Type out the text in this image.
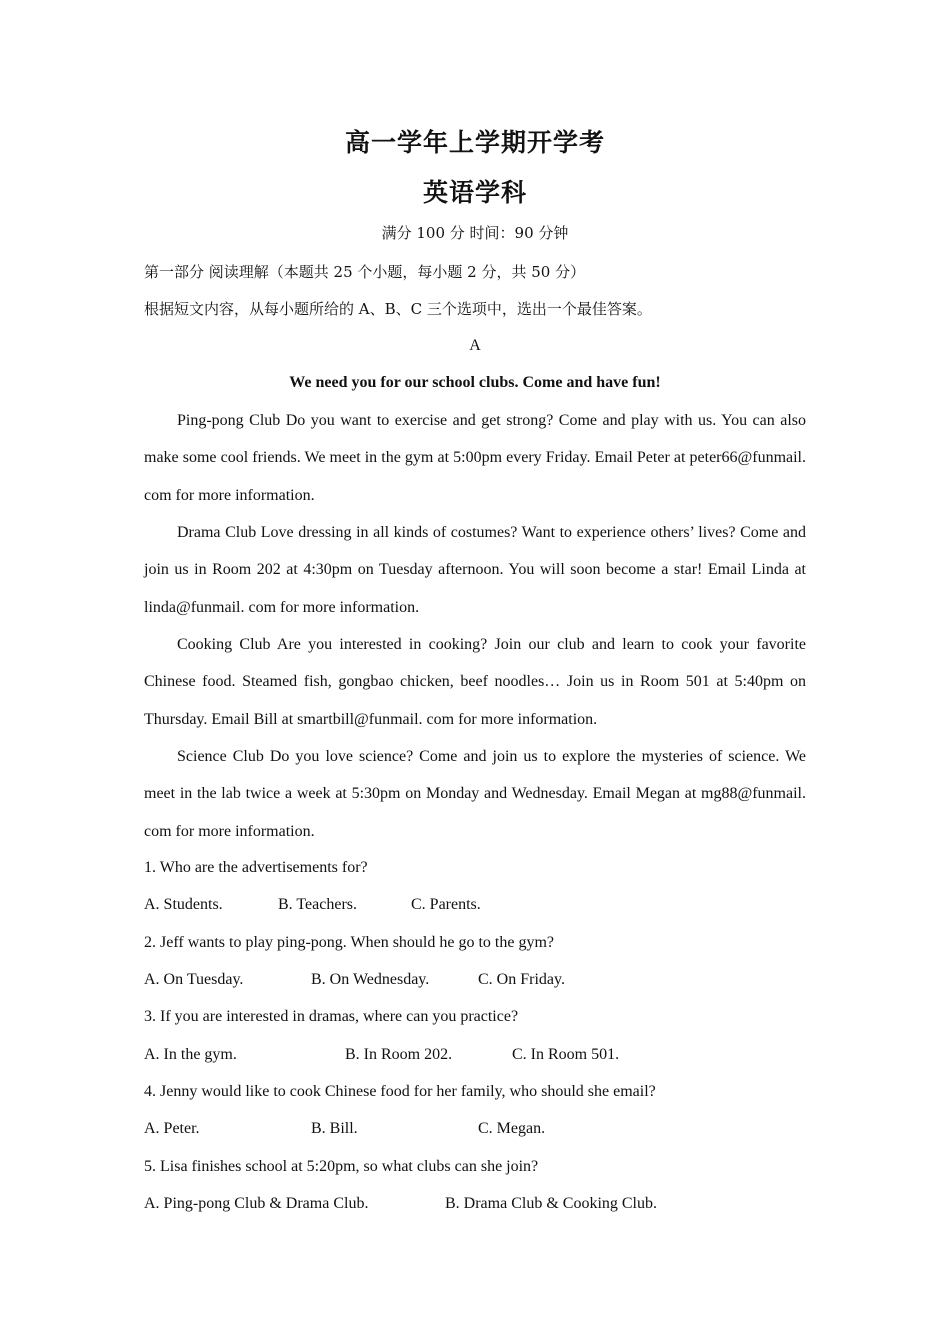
高一学年上学期开学考
英语学科
满分 100 分 时间：90 分钟
第一部分 阅读理解（本题共 25 个小题，每小题 2 分，共 50 分）
根据短文内容，从每小题所给的 A、B、C 三个选项中，选出一个最佳答案。
A
We need you for our school clubs. Come and have fun!

Ping-pong Club Do you want to exercise and get strong? Come and play with us. You can also make some cool friends. We meet in the gym at 5:00pm every Friday. Email Peter at peter66@funmail. com for more information.

Drama Club Love dressing in all kinds of costumes? Want to experience others’ lives? Come and join us in Room 202 at 4:30pm on Tuesday afternoon. You will soon become a star! Email Linda at linda@funmail. com for more information.

Cooking Club Are you interested in cooking? Join our club and learn to cook your favorite Chinese food. Steamed fish, gongbao chicken, beef noodles… Join us in Room 501 at 5:40pm on Thursday. Email Bill at smartbill@funmail. com for more information.

Science Club Do you love science? Come and join us to explore the mysteries of science. We meet in the lab twice a week at 5:30pm on Monday and Wednesday. Email Megan at mg88@funmail. com for more information.

1. Who are the advertisements for?
A. Students.	B. Teachers.	C. Parents.
2. Jeff wants to play ping-pong. When should he go to the gym?
A. On Tuesday.	B. On Wednesday.	C. On Friday.
3. If you are interested in dramas, where can you practice?
A. In the gym.	B. In Room 202.	C. In Room 501.
4. Jenny would like to cook Chinese food for her family, who should she email?
A. Peter.	B. Bill.	C. Megan.
5. Lisa finishes school at 5:20pm, so what clubs can she join?
A. Ping-pong Club & Drama Club.	B. Drama Club & Cooking Club.
